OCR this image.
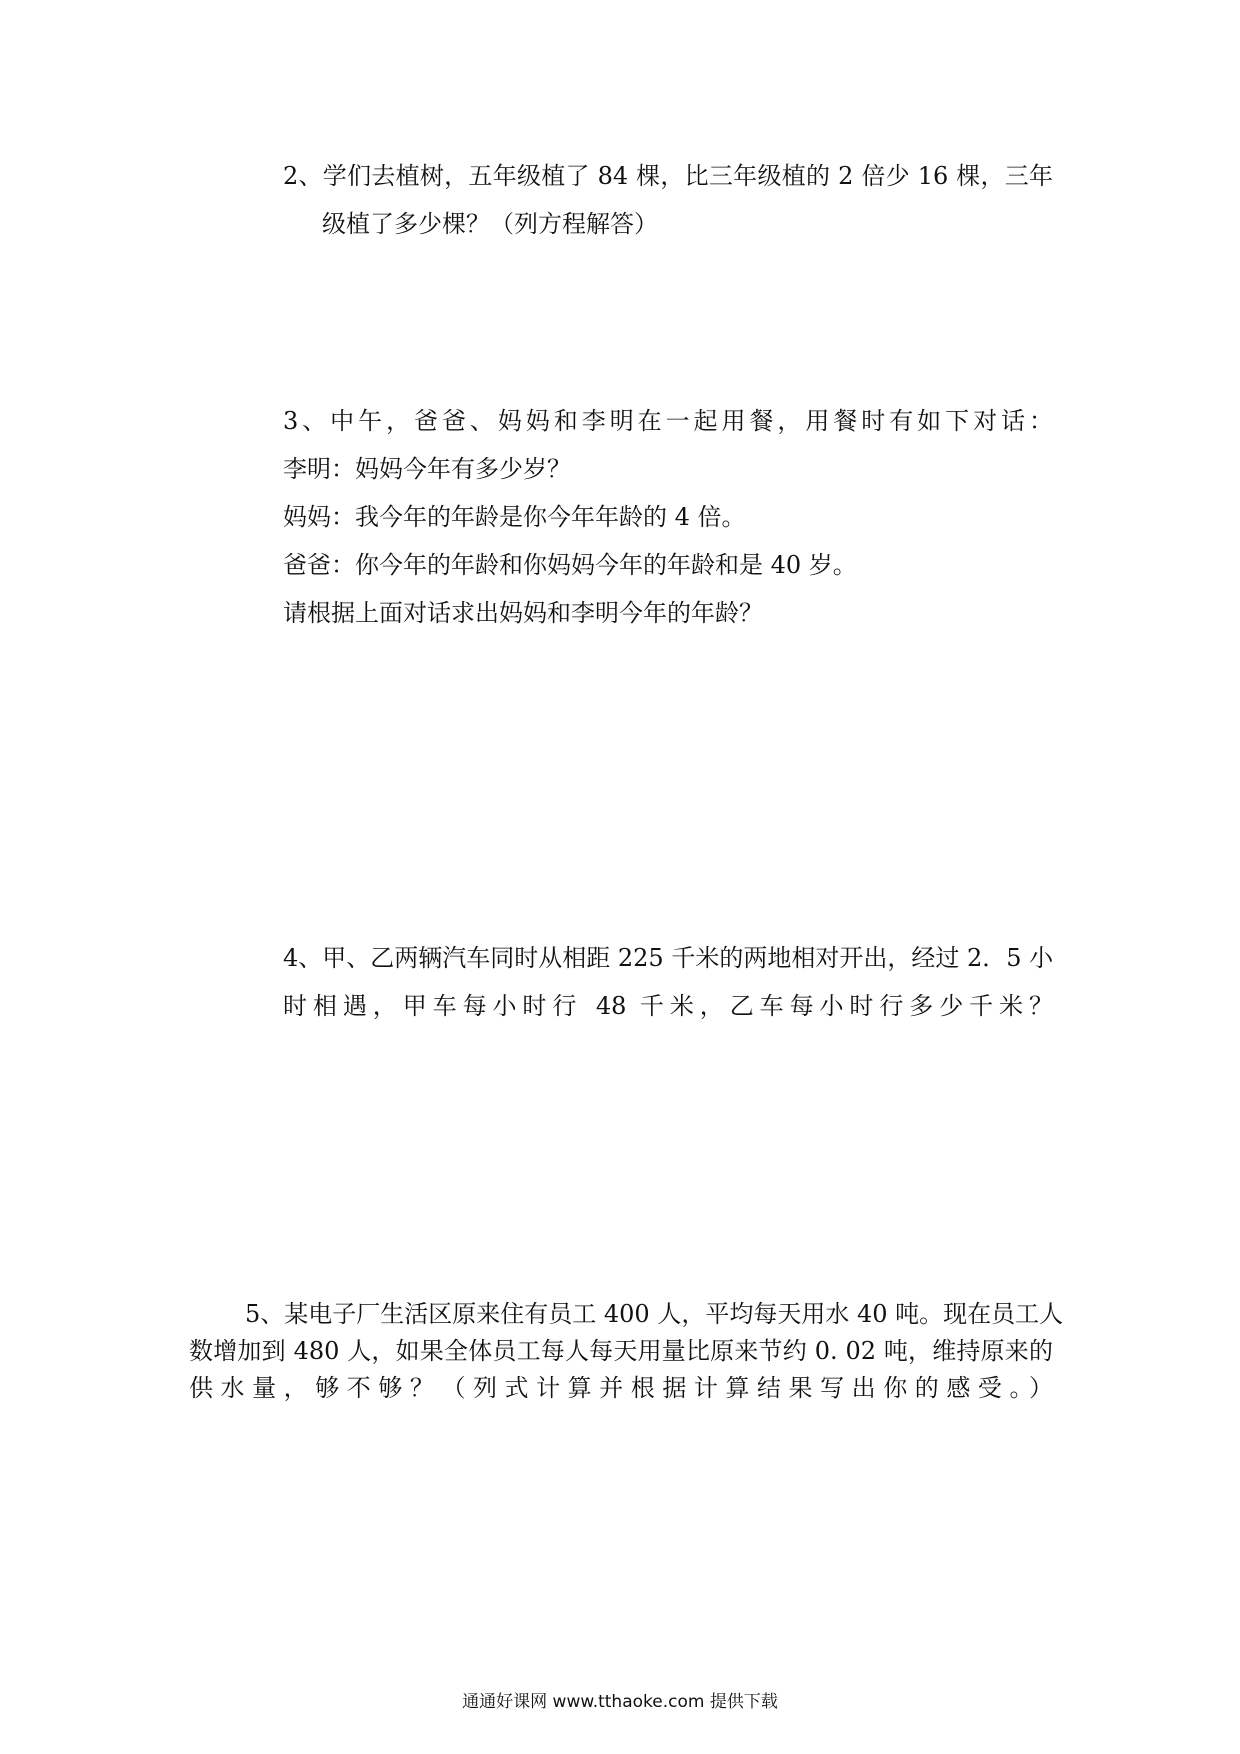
2、学们去植树，五年级植了 84 棵，比三年级植的 2 倍少 16 棵，三年
级植了多少棵？（列方程解答）
3、中午，爸爸、妈妈和李明在一起用餐，用餐时有如下对话：
李明：妈妈今年有多少岁？
妈妈：我今年的年龄是你今年年龄的 4 倍。
爸爸：你今年的年龄和你妈妈今年的年龄和是 40 岁。
请根据上面对话求出妈妈和李明今年的年龄？
4、甲、乙两辆汽车同时从相距 225 千米的两地相对开出，经过 2．5 小
时相遇，甲车每小时行 48 千米，乙车每小时行多少千米？
5、某电子厂生活区原来住有员工 400 人，平均每天用水 40 吨。现在员工人
数增加到 480 人，如果全体员工每人每天用量比原来节约 0. 02 吨，维持原来的
供水量，够不够？（列式计算并根据计算结果写出你的感受。）
通通好课网 www.tthaoke.com 提供下载
